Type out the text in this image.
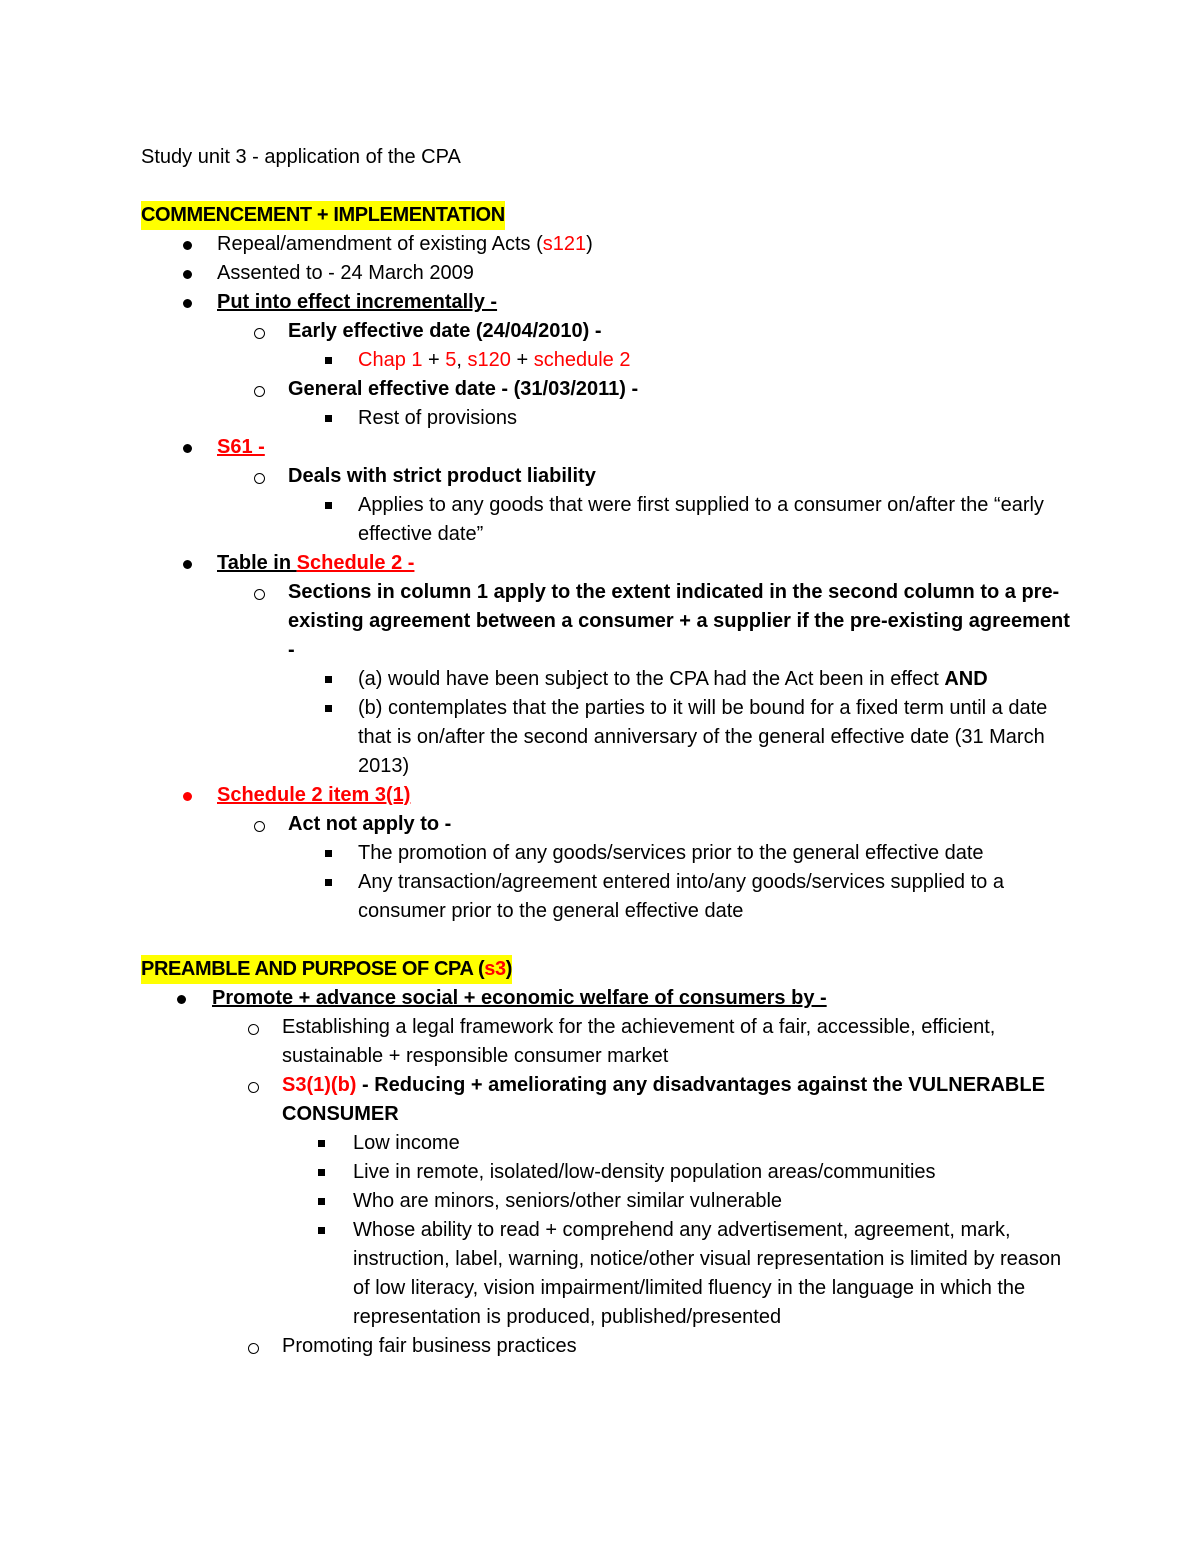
Study unit 3 - application of the CPA
COMMENCEMENT + IMPLEMENTATION
Repeal/amendment of existing Acts (s121)
Assented to - 24 March 2009
Put into effect incrementally -
Early effective date (24/04/2010) -
Chap 1 + 5, s120 + schedule 2
General effective date - (31/03/2011) -
Rest of provisions
S61 -
Deals with strict product liability
Applies to any goods that were first supplied to a consumer on/after the “early effective date”
Table in Schedule 2 -
Sections in column 1 apply to the extent indicated in the second column to a pre-existing agreement between a consumer + a supplier if the pre-existing agreement -
(a) would have been subject to the CPA had the Act been in effect AND
(b) contemplates that the parties to it will be bound for a fixed term until a date that is on/after the second anniversary of the general effective date (31 March 2013)
Schedule 2 item 3(1)
Act not apply to -
The promotion of any goods/services prior to the general effective date
Any transaction/agreement entered into/any goods/services supplied to a consumer prior to the general effective date
PREAMBLE AND PURPOSE OF CPA (s3)
Promote + advance social + economic welfare of consumers by -
Establishing a legal framework for the achievement of a fair, accessible, efficient, sustainable + responsible consumer market
S3(1)(b) - Reducing + ameliorating any disadvantages against the VULNERABLE CONSUMER
Low income
Live in remote, isolated/low-density population areas/communities
Who are minors, seniors/other similar vulnerable
Whose ability to read + comprehend any advertisement, agreement, mark, instruction, label, warning, notice/other visual representation is limited by reason of low literacy, vision impairment/limited fluency in the language in which the representation is produced, published/presented
Promoting fair business practices
